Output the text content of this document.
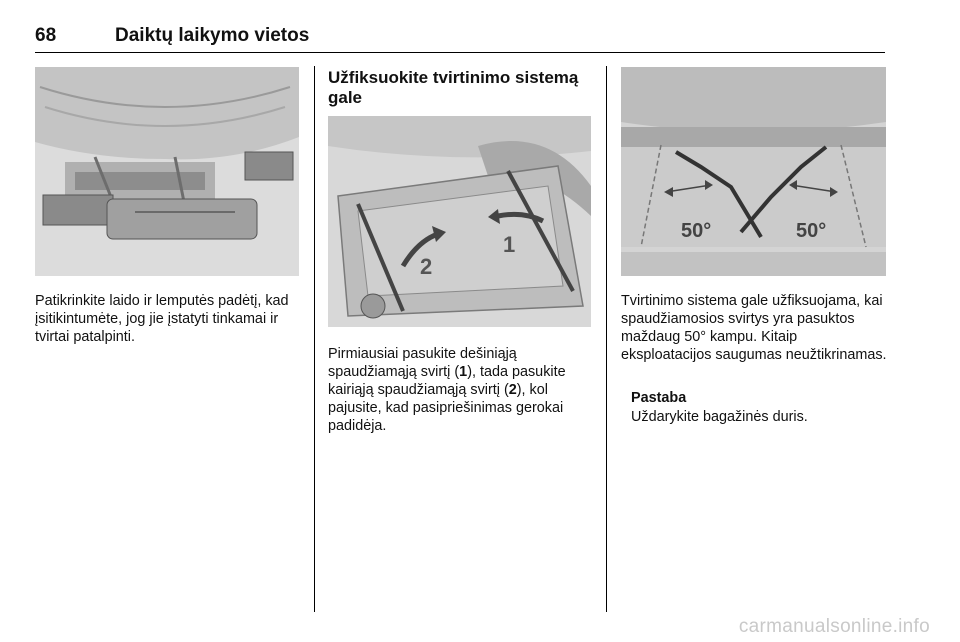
68	Daiktų laikymo vietos

Patikrinkite laido ir lemputės padėtį, kad įsitikintumėte, jog jie įstatyti tinkamai ir tvirtai patalpinti.

Užfiksuokite tvirtinimo sistemą gale
1
2

Pirmiausiai pasukite dešiniąją spaudžiamąją svirtį (1), tada pasukite kairiąją spaudžiamąją svirtį (2), kol pajusite, kad pasipriešinimas gerokai padidėja.

50°	50°

Tvirtinimo sistema gale užfiksuojama, kai spaudžiamosios svirtys yra pasuktos maždaug 50° kampu. Kitaip eksploatacijos saugumas neužtikrinamas.

Pastaba

Uždarykite bagažinės duris.

carmanualsonline.info
